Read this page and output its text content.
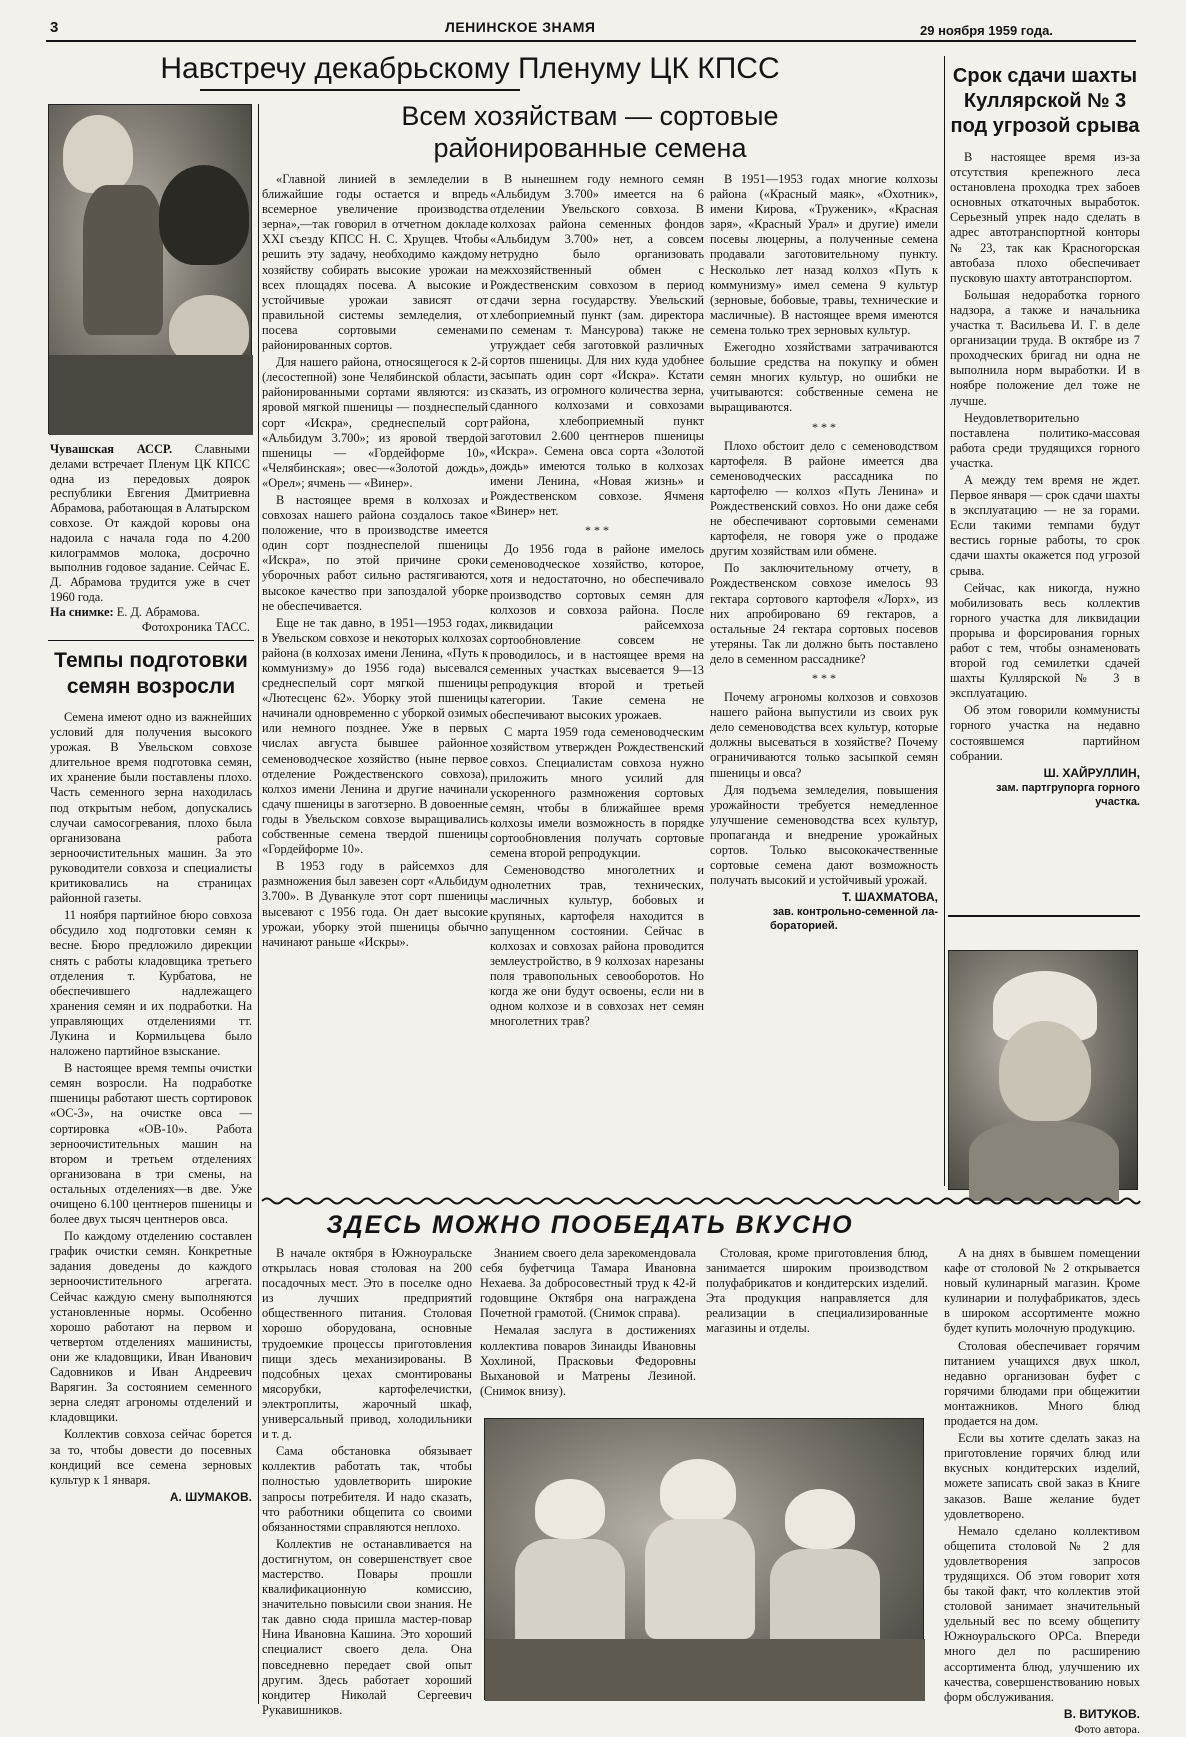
3	ЛЕНИНСКОЕ ЗНАМЯ	29 ноября 1959 года.
Навстречу декабрьскому Пленуму ЦК КПСС
Чувашская АССР. Славными делами встречает Пленум ЦК КПСС одна из передовых доярок республики Евгения Дмитриевна Абрамова, работающая в Алатырском совхозе. От каждой коровы она надоила с начала года по 4.200 килограммов молока, досрочно выполнив годовое задание. Сейчас Е. Д. Абрамова трудится уже в счет 1960 года.
На снимке: Е. Д. Абрамова.
Фотохроника ТАСС.
Темпы подготовки
семян возросли

Семена имеют одно из важнейших условий для получения высокого урожая. В Увельском совхозе длительное время подготовка семян, их хранение были поставлены плохо. Часть семенного зерна находилась под открытым небом, допускались случаи самосогревания, плохо была организована работа зерноочистительных машин. За это руководители совхоза и специалисты критиковались на страницах районной газеты.

11 ноября партийное бюро совхоза обсудило ход подготовки семян к весне. Бюро предложило дирекции снять с работы кладовщика третьего отделения т. Курбатова, не обеспечившего надлежащего хранения семян и их подработки. На управляющих отделениями тт. Лукина и Кормильцева было наложено партийное взыскание.

В настоящее время темпы очистки семян возросли. На подработке пшеницы работают шесть сортировок «ОС-3», на очистке овса — сортировка «ОВ-10». Работа зерноочистительных машин на втором и третьем отделениях организована в три смены, на остальных отделениях—в две. Уже очищено 6.100 центнеров пшеницы и более двух тысяч центнеров овса.

По каждому отделению составлен график очистки семян. Конкретные задания доведены до каждого зерноочистительного агрегата. Сейчас каждую смену выполняются установленные нормы. Особенно хорошо работают на первом и четвертом отделениях машинисты, они же кладовщики, Иван Иванович Садовников и Иван Андреевич Варягин. За состоянием семенного зерна следят агрономы отделений и кладовщики.

Коллектив совхоза сейчас борется за то, чтобы довести до посевных кондиций все семена зерновых культур к 1 января.

А. ШУМАКОВ.
Всем хозяйствам — сортовые
районированные семена

«Главной линией в земледелии в ближайшие годы остается и впредь всемерное увеличение производства зерна»,—так говорил в отчетном докладе XXI съезду КПСС Н. С. Хрущев. Чтобы решить эту задачу, необходимо каждому хозяйству собирать высокие урожаи на всех площадях посева. А высокие и устойчивые урожаи зависят от правильной системы земледелия, от посева сортовыми семенами районированных сортов.

Для нашего района, относящегося к 2-й (лесостепной) зоне Челябинской области, районированными сортами являются: из яровой мягкой пшеницы — позднеспелый сорт «Искра», среднеспелый сорт «Альбидум 3.700»; из яровой твердой пшеницы — «Гордейформе 10», «Челябинская»; овес—«Золотой дождь», «Орел»; ячмень — «Винер».

В настоящее время в колхозах и совхозах нашего района создалось такое положение, что в производстве имеется один сорт позднеспелой пшеницы «Искра», по этой причине сроки уборочных работ сильно растягиваются, высокое качество при запоздалой уборке не обеспечивается.

Еще не так давно, в 1951—1953 годах, в Увельском совхозе и некоторых колхозах района (в колхозах имени Ленина, «Путь к коммунизму» до 1956 года) высевался среднеспелый сорт мягкой пшеницы «Лютесценс 62». Уборку этой пшеницы начинали одновременно с уборкой озимых или немного позднее. Уже в первых числах августа бывшее районное семеноводческое хозяйство (ныне первое отделение Рождественского совхоза), колхоз имени Ленина и другие начинали сдачу пшеницы в заготзерно. В довоенные годы в Увельском совхозе выращивались собственные семена твердой пшеницы «Гордейформе 10».

В 1953 году в райсемхоз для размножения был завезен сорт «Альбидум 3.700». В Дуванкуле этот сорт пшеницы высевают с 1956 года. Он дает высокие урожаи, уборку этой пшеницы обычно начинают раньше «Искры».

В нынешнем году немного семян «Альбидум 3.700» имеется на 6 отделении Увельского совхоза. В колхозах района семенных фондов «Альбидум 3.700» нет, а совсем нетрудно было организовать межхозяйственный обмен с Рождественским совхозом в период сдачи зерна государству. Увельский хлебоприемный пункт (зам. директора по семенам т. Мансурова) также не утруждает себя заготовкой различных сортов пшеницы. Для них куда удобнее засыпать один сорт «Искра». Кстати сказать, из огромного количества зерна, сданного колхозами и совхозами района, хлебоприемный пункт заготовил 2.600 центнеров пшеницы «Искра». Семена овса сорта «Золотой дождь» имеются только в колхозах имени Ленина, «Новая жизнь» и Рождественском совхозе. Ячменя «Винер» нет.

* * *

До 1956 года в районе имелось семеноводческое хозяйство, которое, хотя и недостаточно, но обеспечивало производство сортовых семян для колхозов и совхоза района. После ликвидации райсемхоза сортообновление совсем не проводилось, и в настоящее время на семенных участках высевается 9—13 репродукция второй и третьей категории. Такие семена не обеспечивают высоких урожаев.

С марта 1959 года семеноводческим хозяйством утвержден Рождественский совхоз. Специалистам совхоза нужно приложить много усилий для ускоренного размножения сортовых семян, чтобы в ближайшее время колхозы имели возможность в порядке сортообновления получать сортовые семена второй репродукции.

Семеноводство многолетних и однолетних трав, технических, масличных культур, бобовых и крупяных, картофеля находится в запущенном состоянии. Сейчас в колхозах и совхозах района проводится землеустройство, в 9 колхозах нарезаны поля травопольных севооборотов. Но когда же они будут освоены, если ни в одном колхозе и в совхозах нет семян многолетних трав?

В 1951—1953 годах многие колхозы района («Красный маяк», «Охотник», имени Кирова, «Труженик», «Красная заря», «Красный Урал» и другие) имели посевы люцерны, а полученные семена продавали заготовительному пункту. Несколько лет назад колхоз «Путь к коммунизму» имел семена 9 культур (зерновые, бобовые, травы, технические и масличные). В настоящее время имеются семена только трех зерновых культур.

Ежегодно хозяйствами затрачиваются большие средства на покупку и обмен семян многих культур, но ошибки не учитываются: собственные семена не выращиваются.

* * *

Плохо обстоит дело с семеноводством картофеля. В районе имеется два семеноводческих рассадника по картофелю — колхоз «Путь Ленина» и Рождественский совхоз. Но они даже себя не обеспечивают сортовыми семенами картофеля, не говоря уже о продаже другим хозяйствам или обмене.

По заключительному отчету, в Рождественском совхозе имелось 93 гектара сортового картофеля «Лорх», из них апробировано 69 гектаров, а остальные 24 гектара сортовых посевов утеряны. Так ли должно быть поставлено дело в семенном рассаднике?

* * *

Почему агрономы колхозов и совхозов нашего района выпустили из своих рук дело семеноводства всех культур, которые должны высеваться в хозяйстве? Почему ограничиваются только засыпкой семян пшеницы и овса?

Для подъема земледелия, повышения урожайности требуется немедленное улучшение семеноводства всех культур, пропаганда и внедрение урожайных сортов. Только высококачественные сортовые семена дают возможность получать высокий и устойчивый урожай.

Т. ШАХМАТОВА,
зав. контрольно-семенной ла-
бораторией.
Срок сдачи шахты
Куллярской № 3
под угрозой срыва

В настоящее время из-за отсутствия крепежного леса остановлена проходка трех забоев основных откаточных выработок. Серьезный упрек надо сделать в адрес автотранспортной конторы № 23, так как Красногорская автобаза плохо обеспечивает пусковую шахту автотранспортом.

Большая недоработка горного надзора, а также и начальника участка т. Васильева И. Г. в деле организации труда. В октябре из 7 проходческих бригад ни одна не выполнила норм выработки. И в ноябре положение дел тоже не лучше.

Неудовлетворительно поставлена политико-массовая работа среди трудящихся горного участка.

А между тем время не ждет. Первое января — срок сдачи шахты в эксплуатацию — не за горами. Если такими темпами будут вестись горные работы, то срок сдачи шахты окажется под угрозой срыва.

Сейчас, как никогда, нужно мобилизовать весь коллектив горного участка для ликвидации прорыва и форсирования горных работ с тем, чтобы ознаменовать второй год семилетки сдачей шахты Куллярской № 3 в эксплуатацию.

Об этом говорили коммунисты горного участка на недавно состоявшемся партийном собрании.

Ш. ХАЙРУЛЛИН,
зам. партгрупорга горного
участка.
ЗДЕСЬ МОЖНО ПООБЕДАТЬ ВКУСНО

В начале октября в Южноуральске открылась новая столовая на 200 посадочных мест. Это в поселке одно из лучших предприятий общественного питания. Столовая хорошо оборудована, основные трудоемкие процессы приготовления пищи здесь механизированы. В подсобных цехах смонтированы мясорубки, картофелечистки, электроплиты, жарочный шкаф, универсальный привод, холодильники и т. д.

Сама обстановка обязывает коллектив работать так, чтобы полностью удовлетворить широкие запросы потребителя. И надо сказать, что работники общепита со своими обязанностями справляются неплохо.

Коллектив не останавливается на достигнутом, он совершенствует свое мастерство. Повары прошли квалификационную комиссию, значительно повысили свои знания. Не так давно сюда пришла мастер-повар Нина Ивановна Кашина. Это хороший специалист своего дела. Она повседневно передает свой опыт другим. Здесь работает хороший кондитер Николай Сергеевич Рукавишников.

Знанием своего дела зарекомендовала себя буфетчица Тамара Ивановна Нехаева. За добросовестный труд к 42-й годовщине Октября она награждена Почетной грамотой. (Снимок справа).

Немалая заслуга в достижениях коллектива поваров Зинаиды Ивановны Хохлиной, Прасковьи Федоровны Выхановой и Матрены Лезиной. (Снимок внизу).

Столовая, кроме приготовления блюд, занимается широким производством полуфабрикатов и кондитерских изделий. Эта продукция направляется для реализации в специализированные магазины и отделы.

А на днях в бывшем помещении кафе от столовой № 2 открывается новый кулинарный магазин. Кроме кулинарии и полуфабрикатов, здесь в широком ассортименте можно будет купить молочную продукцию.

Столовая обеспечивает горячим питанием учащихся двух школ, недавно организован буфет с горячими блюдами при общежитии монтажников. Много блюд продается на дом.

Если вы хотите сделать заказ на приготовление горячих блюд или вкусных кондитерских изделий, можете записать свой заказ в Книге заказов. Ваше желание будет удовлетворено.

Немало сделано коллективом общепита столовой № 2 для удовлетворения запросов трудящихся. Об этом говорит хотя бы такой факт, что коллектив этой столовой занимает значительный удельный вес по всему общепиту Южноуральского ОРСа. Впереди много дел по расширению ассортимента блюд, улучшению их качества, совершенствованию новых форм обслуживания.

В. ВИТУКОВ.
Фото автора.
